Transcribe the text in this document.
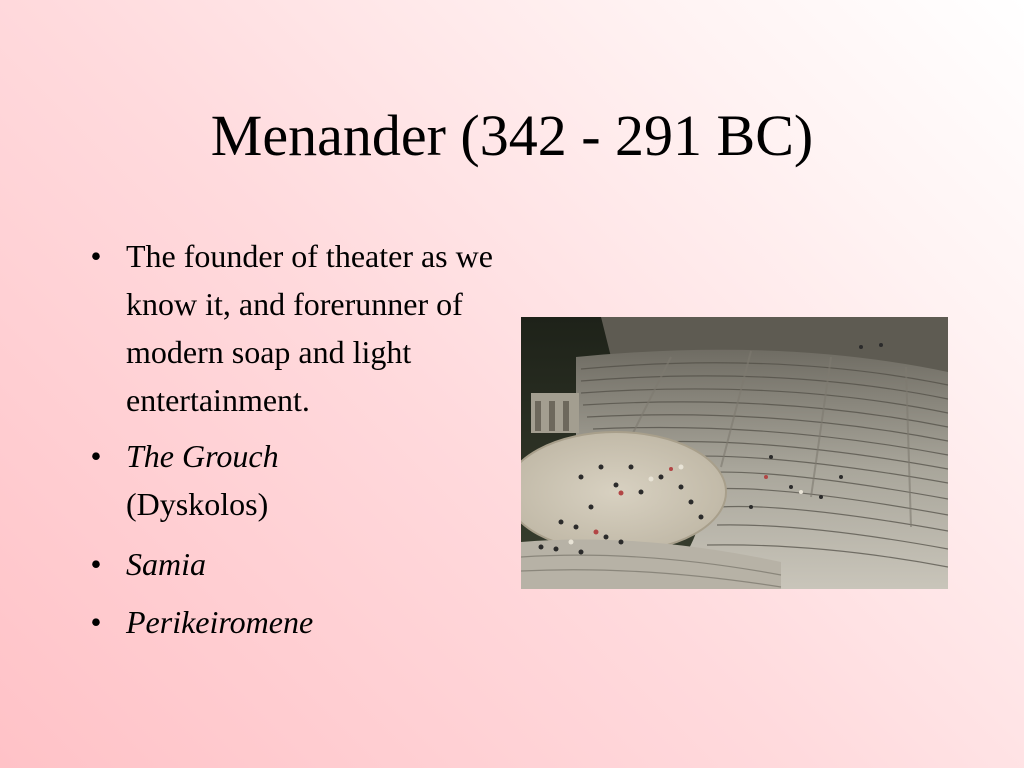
Menander (342 - 291 BC)
• The founder of theater as we know it, and forerunner of modern soap and light entertainment.
• The Grouch
(Dyskolos)
• Samia
• Perikeiromene
